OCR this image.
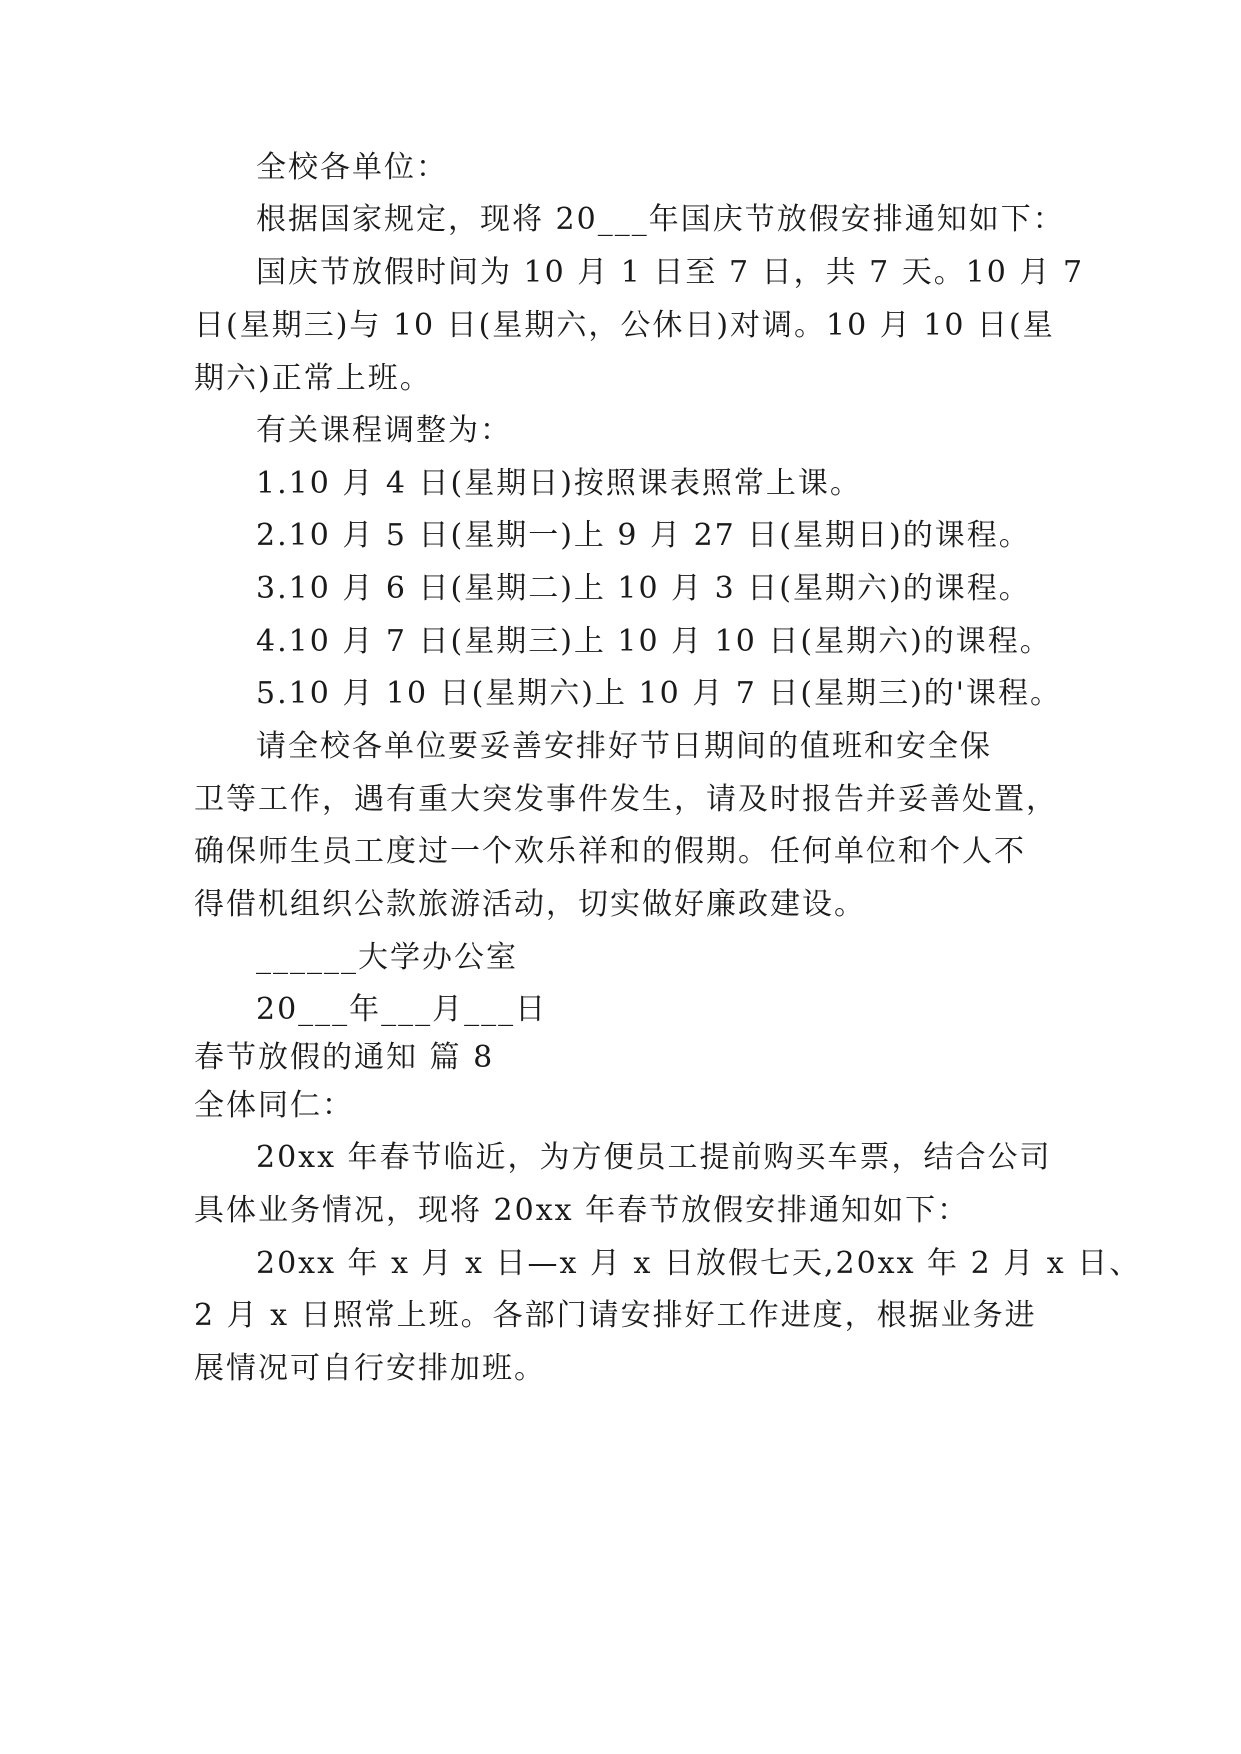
全校各单位：
根据国家规定，现将 20___年国庆节放假安排通知如下：
国庆节放假时间为 10 月 1 日至 7 日，共 7 天。10 月 7
日(星期三)与 10 日(星期六，公休日)对调。10 月 10 日(星
期六)正常上班。
有关课程调整为：
1.10 月 4 日(星期日)按照课表照常上课。
2.10 月 5 日(星期一)上 9 月 27 日(星期日)的课程。
3.10 月 6 日(星期二)上 10 月 3 日(星期六)的课程。
4.10 月 7 日(星期三)上 10 月 10 日(星期六)的课程。
5.10 月 10 日(星期六)上 10 月 7 日(星期三)的'课程。
请全校各单位要妥善安排好节日期间的值班和安全保
卫等工作，遇有重大突发事件发生，请及时报告并妥善处置，
确保师生员工度过一个欢乐祥和的假期。任何单位和个人不
得借机组织公款旅游活动，切实做好廉政建设。
______大学办公室
20___年___月___日
春节放假的通知 篇 8
全体同仁：
20xx 年春节临近，为方便员工提前购买车票，结合公司
具体业务情况，现将 20xx 年春节放假安排通知如下：
20xx 年 x 月 x 日—x 月 x 日放假七天,20xx 年 2 月 x 日、
2 月 x 日照常上班。各部门请安排好工作进度，根据业务进
展情况可自行安排加班。
